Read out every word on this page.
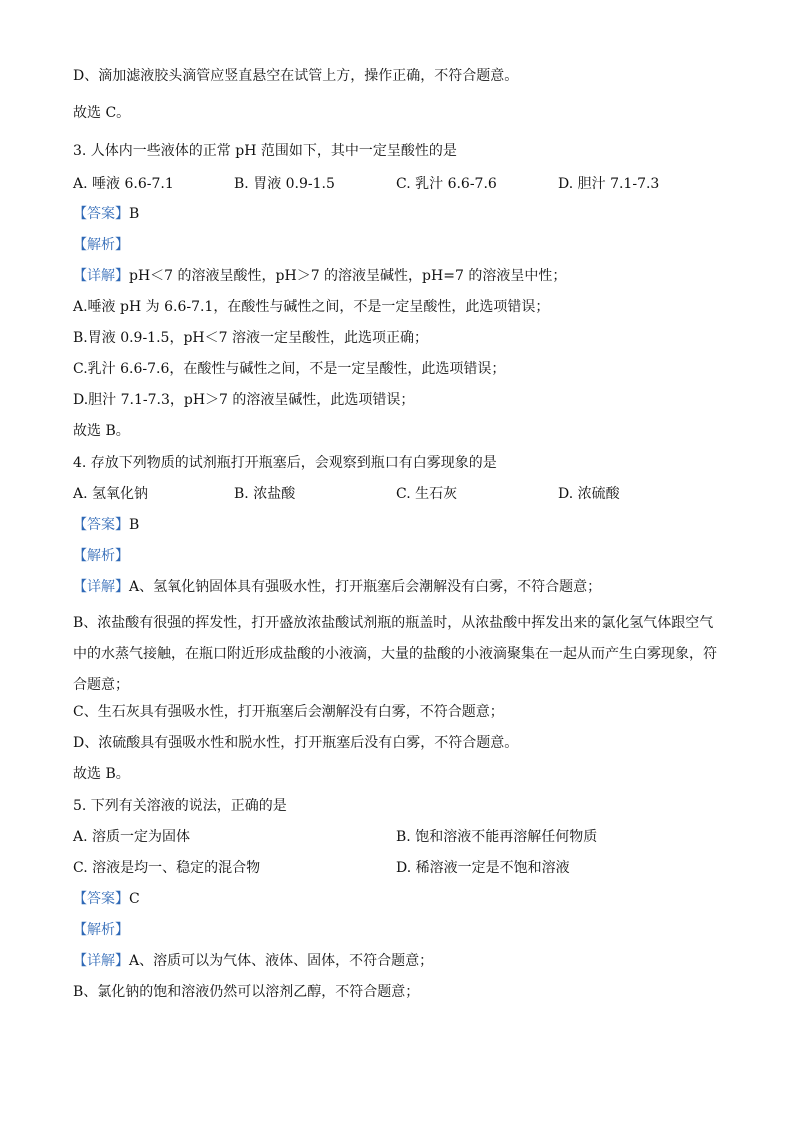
D、滴加滤液胶头滴管应竖直悬空在试管上方，操作正确，不符合题意。
故选 C。
3. 人体内一些液体的正常 pH 范围如下，其中一定呈酸性的是
A. 唾液 6.6-7.1	B. 胃液 0.9-1.5	C. 乳汁 6.6-7.6	D. 胆汁 7.1-7.3
【答案】B
【解析】
【详解】pH＜7 的溶液呈酸性，pH＞7 的溶液呈碱性，pH=7 的溶液呈中性；
A.唾液 pH 为 6.6-7.1，在酸性与碱性之间，不是一定呈酸性，此选项错误；
B.胃液 0.9-1.5，pH＜7 溶液一定呈酸性，此选项正确；
C.乳汁 6.6-7.6，在酸性与碱性之间，不是一定呈酸性，此选项错误；
D.胆汁 7.1-7.3，pH＞7 的溶液呈碱性，此选项错误；
故选 B。
4. 存放下列物质的试剂瓶打开瓶塞后，会观察到瓶口有白雾现象的是
A. 氢氧化钠	B. 浓盐酸	C. 生石灰	D. 浓硫酸
【答案】B
【解析】
【详解】A、氢氧化钠固体具有强吸水性，打开瓶塞后会潮解没有白雾，不符合题意；
B、浓盐酸有很强的挥发性，打开盛放浓盐酸试剂瓶的瓶盖时，从浓盐酸中挥发出来的氯化氢气体跟空气中的水蒸气接触，在瓶口附近形成盐酸的小液滴，大量的盐酸的小液滴聚集在一起从而产生白雾现象，符合题意；
C、生石灰具有强吸水性，打开瓶塞后会潮解没有白雾，不符合题意；
D、浓硫酸具有强吸水性和脱水性，打开瓶塞后没有白雾，不符合题意。
故选 B。
5. 下列有关溶液的说法，正确的是
A. 溶质一定为固体	B. 饱和溶液不能再溶解任何物质
C. 溶液是均一、稳定的混合物	D. 稀溶液一定是不饱和溶液
【答案】C
【解析】
【详解】A、溶质可以为气体、液体、固体，不符合题意；
B、氯化钠的饱和溶液仍然可以溶剂乙醇，不符合题意；
